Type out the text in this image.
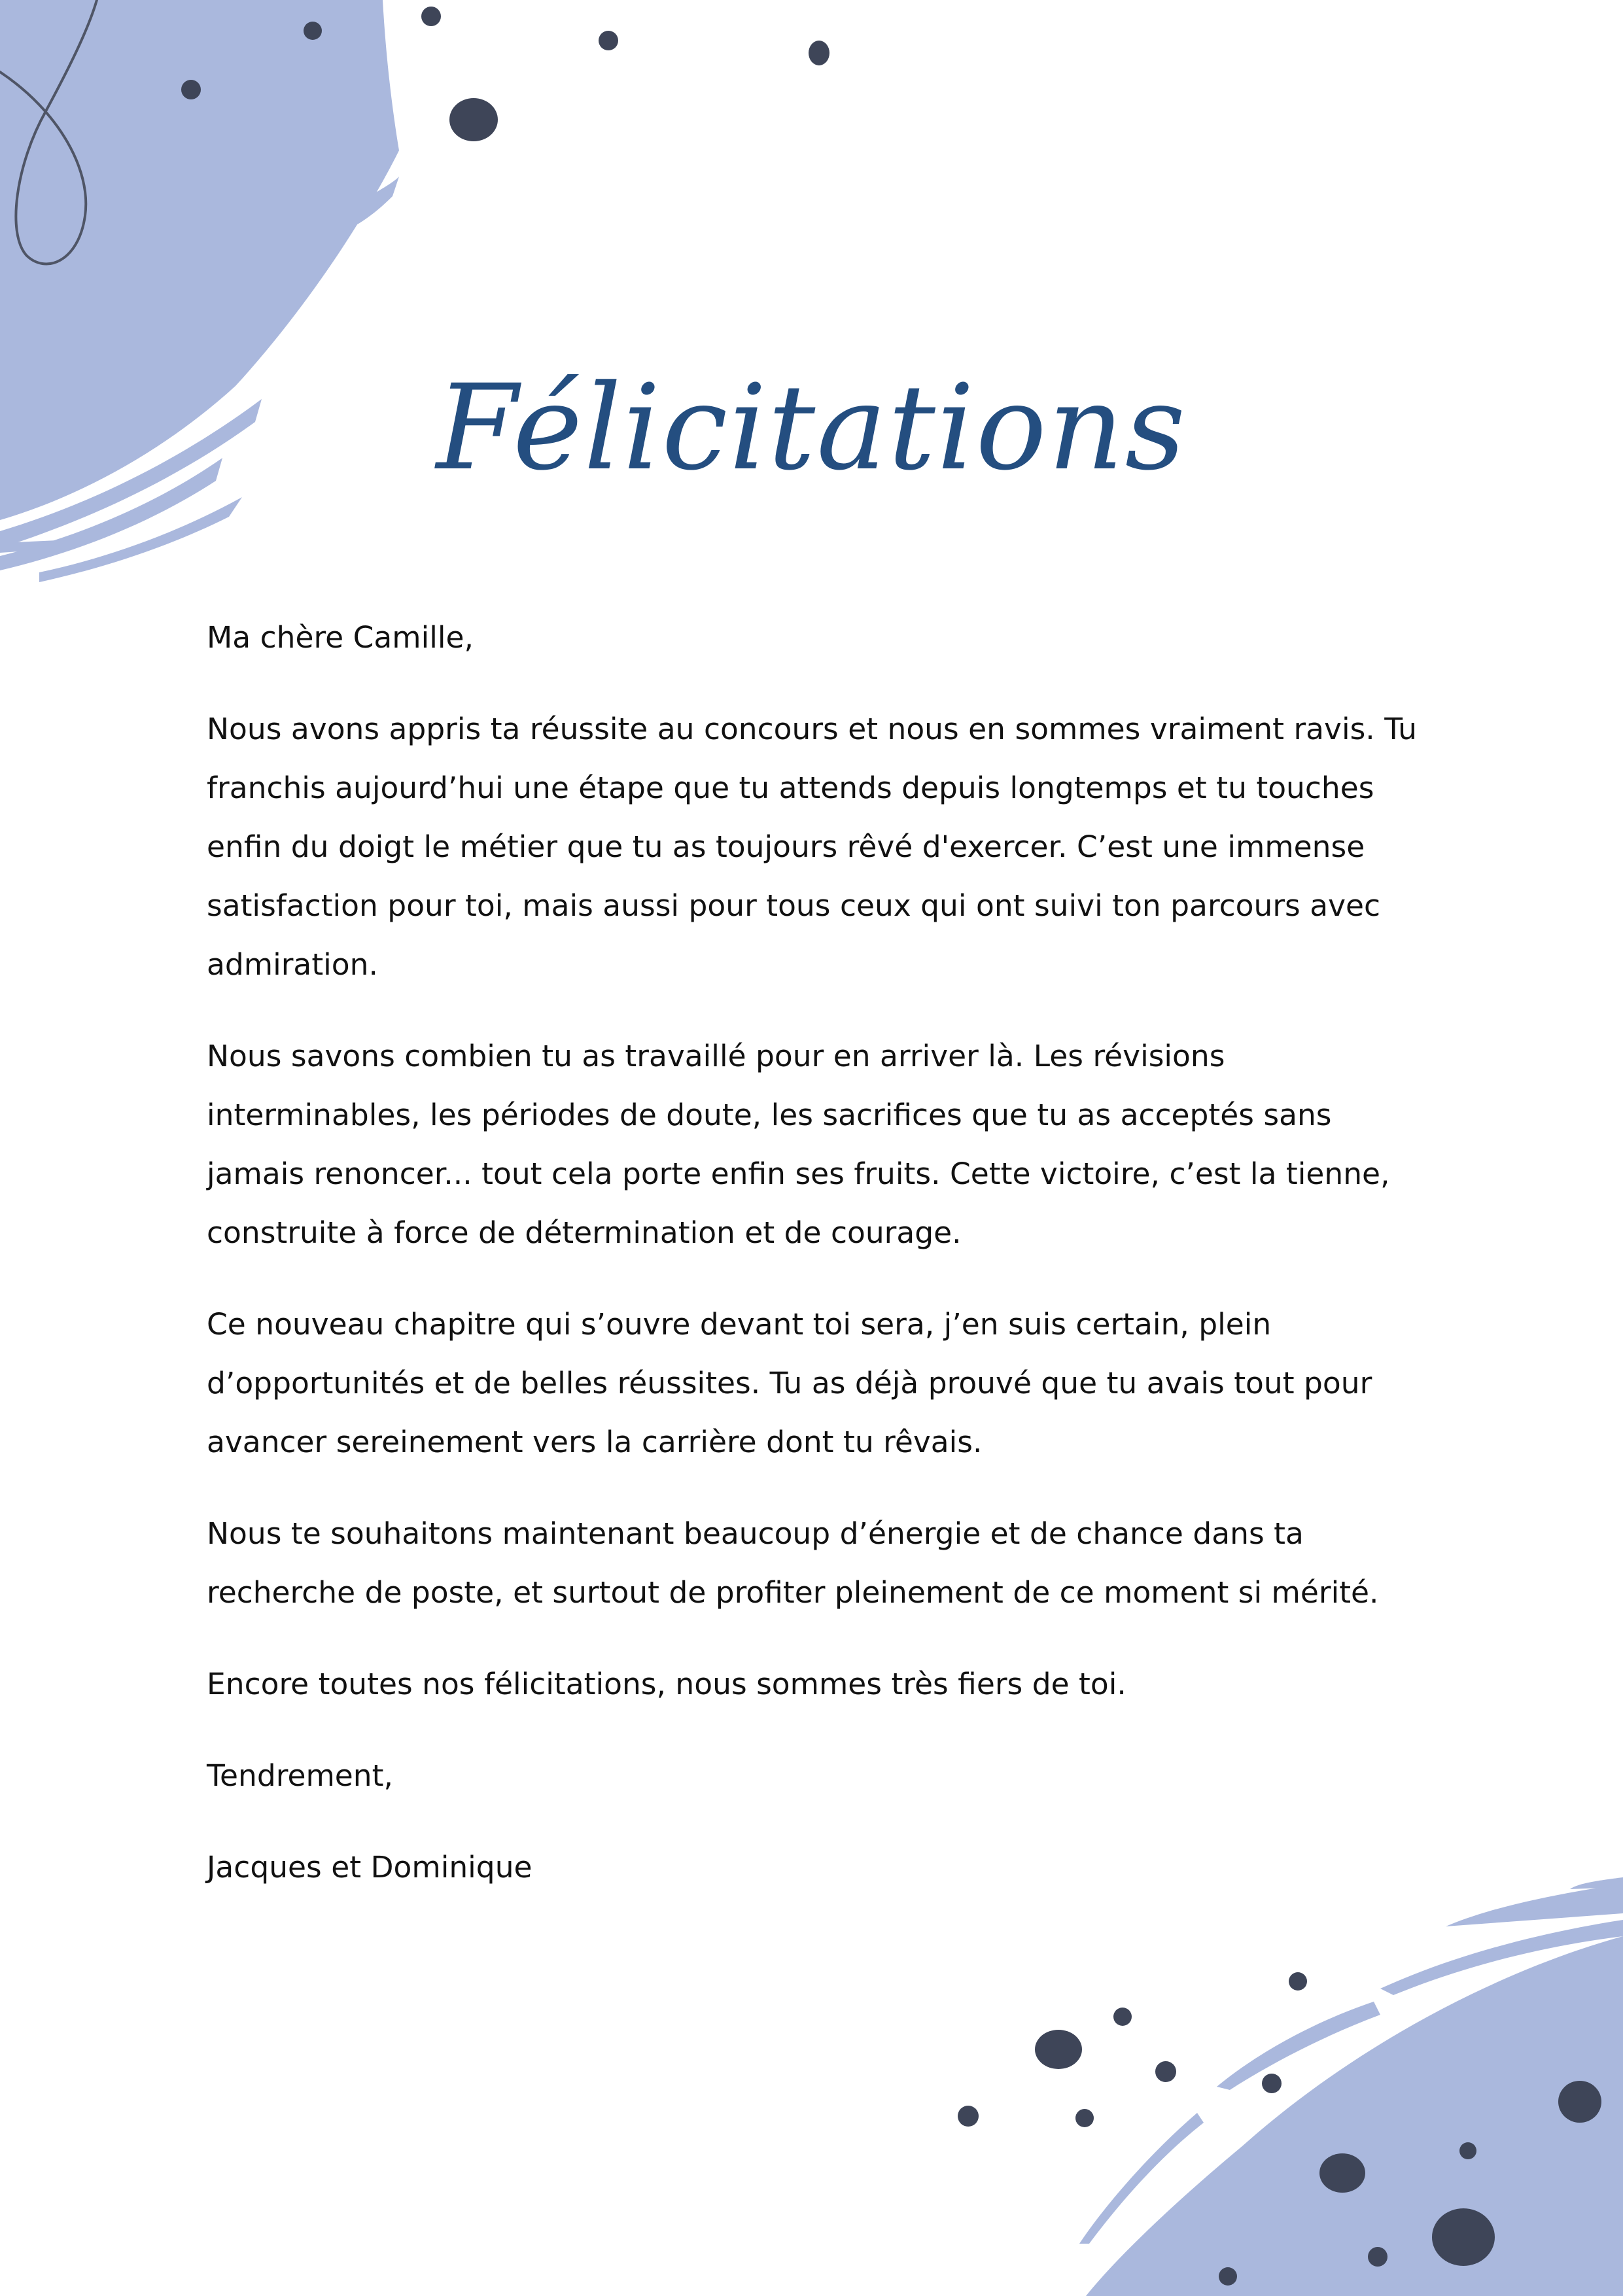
Félicitations

Ma chère Camille,

Nous avons appris ta réussite au concours et nous en sommes vraiment ravis. Tu franchis aujourd’hui une étape que tu attends depuis longtemps et tu touches enfin du doigt le métier que tu as toujours rêvé d'exercer. C’est une immense satisfaction pour toi, mais aussi pour tous ceux qui ont suivi ton parcours avec admiration.

Nous savons combien tu as travaillé pour en arriver là. Les révisions interminables, les périodes de doute, les sacrifices que tu as acceptés sans jamais renoncer... tout cela porte enfin ses fruits. Cette victoire, c’est la tienne, construite à force de détermination et de courage.

Ce nouveau chapitre qui s’ouvre devant toi sera, j’en suis certain, plein d’opportunités et de belles réussites. Tu as déjà prouvé que tu avais tout pour avancer sereinement vers la carrière dont tu rêvais.

Nous te souhaitons maintenant beaucoup d’énergie et de chance dans ta recherche de poste, et surtout de profiter pleinement de ce moment si mérité.

Encore toutes nos félicitations, nous sommes très fiers de toi.

Tendrement,

Jacques et Dominique
